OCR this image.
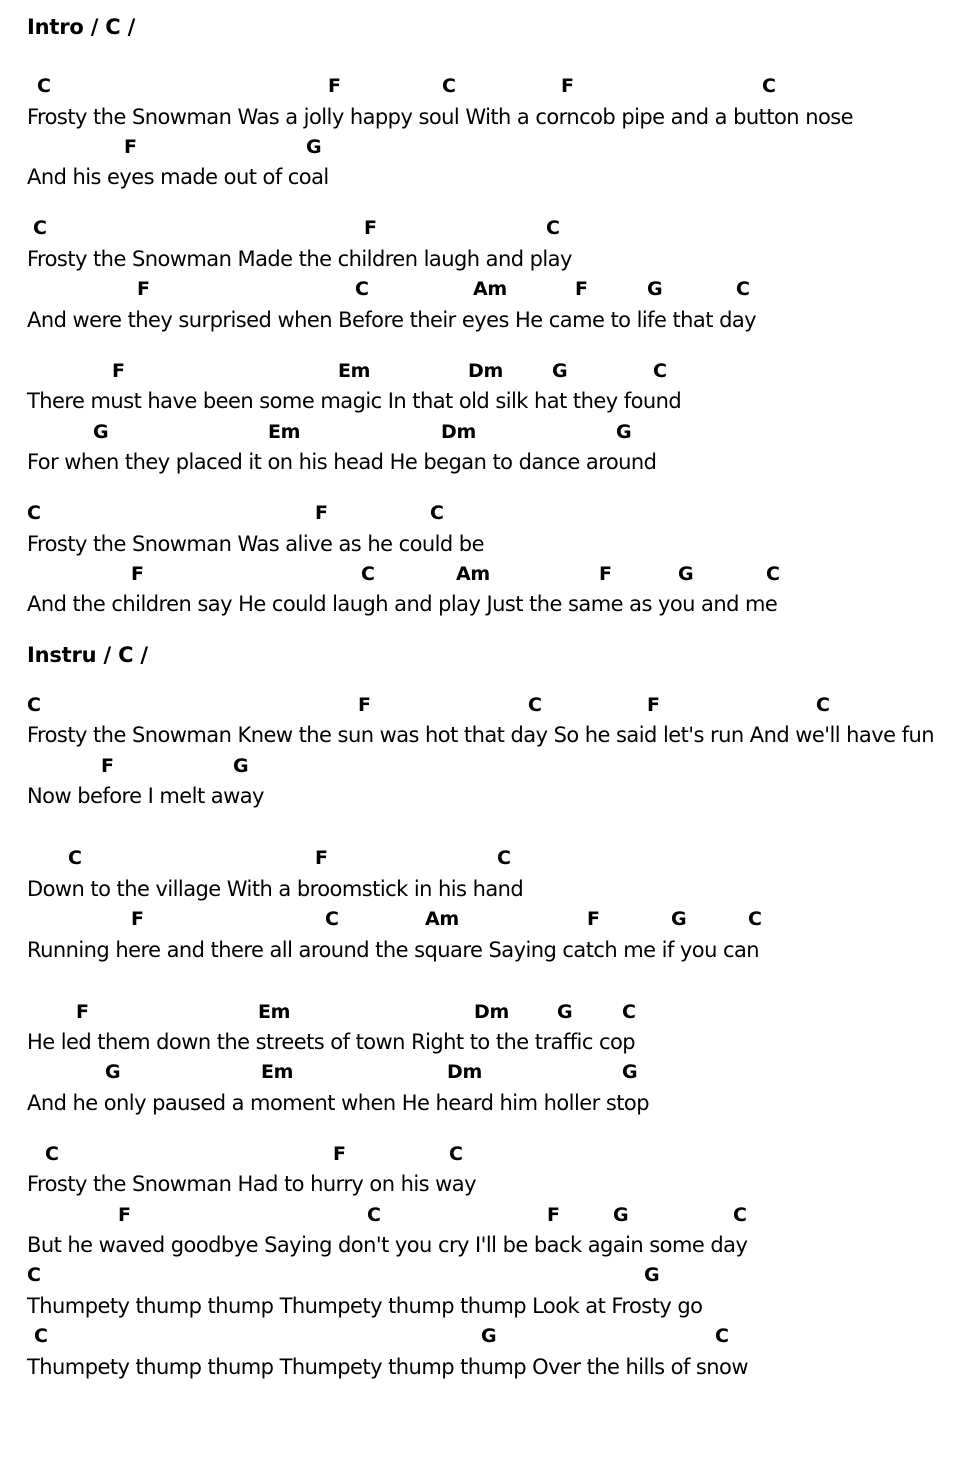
Intro / C /
C	F	C	F	C
Frosty the Snowman Was a jolly happy soul With a corncob pipe and a button nose
F	G
And his eyes made out of coal
C	F	C
Frosty the Snowman Made the children laugh and play
F	C	Am	F	G	C
And were they surprised when Before their eyes He came to life that day
F	Em	Dm	G	C
There must have been some magic In that old silk hat they found
G	Em	Dm	G
For when they placed it on his head He began to dance around
C	F	C
Frosty the Snowman Was alive as he could be
F	C	Am	F	G	C
And the children say He could laugh and play Just the same as you and me
Instru / C /
C	F	C	F	C
Frosty the Snowman Knew the sun was hot that day So he said let's run And we'll have fun
F	G
Now before I melt away
C	F	C
Down to the village With a broomstick in his hand
F	C	Am	F	G	C
Running here and there all around the square Saying catch me if you can
F	Em	Dm	G	C
He led them down the streets of town Right to the traffic cop
G	Em	Dm	G
And he only paused a moment when He heard him holler stop
C	F	C
Frosty the Snowman Had to hurry on his way
F	C	F	G	C
But he waved goodbye Saying don't you cry I'll be back again some day
C	G
Thumpety thump thump Thumpety thump thump Look at Frosty go
C	G	C
Thumpety thump thump Thumpety thump thump Over the hills of snow
